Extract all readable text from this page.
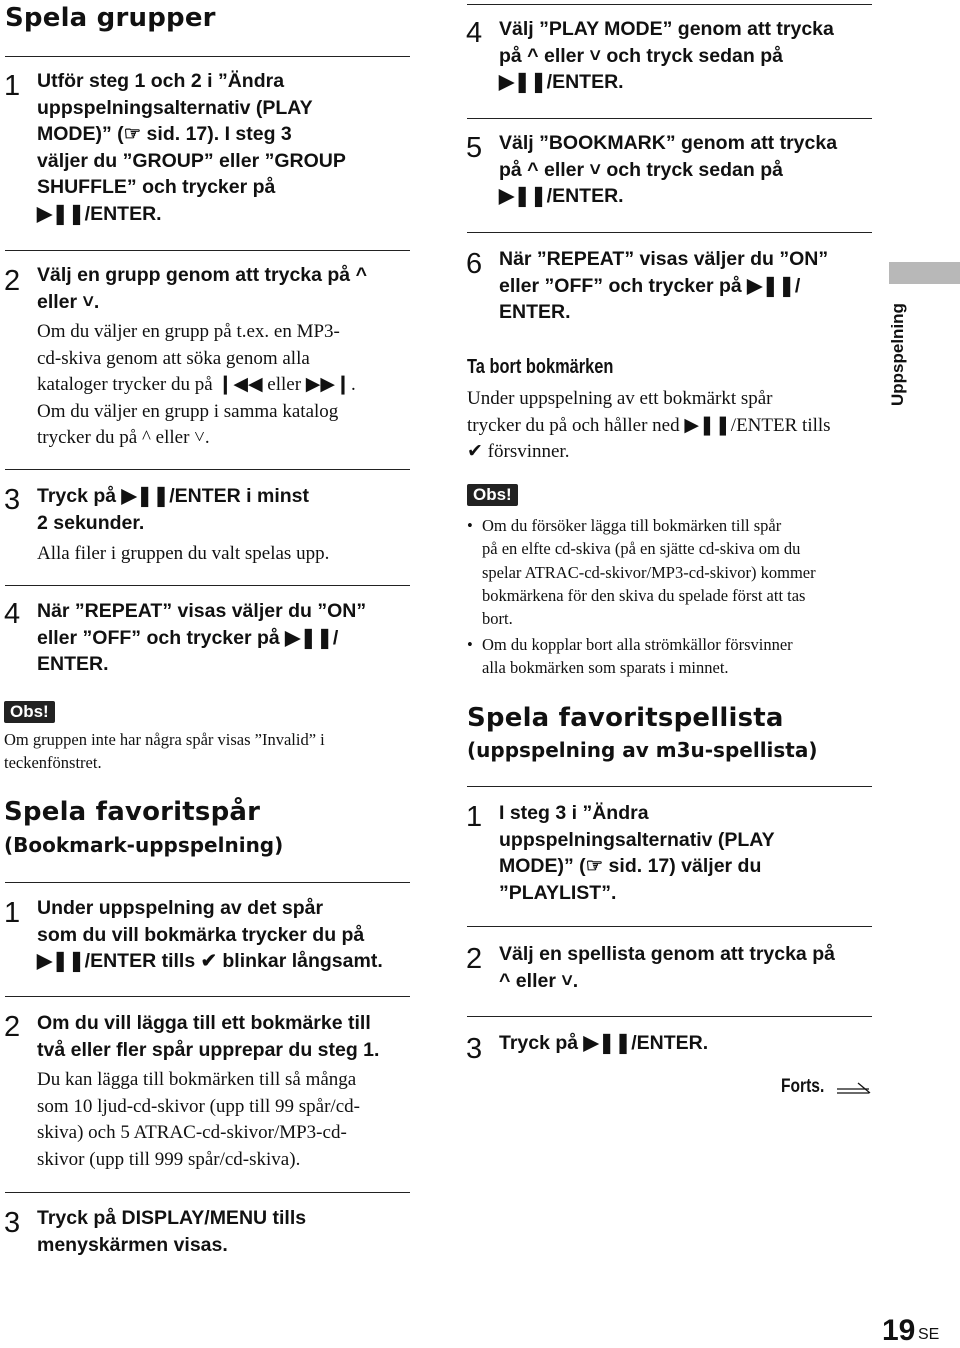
Spela grupper
1 Utför steg 1 och 2 i ”Ändra
uppspelningsalternativ (PLAY
MODE)” (☞ sid. 17). I steg 3
väljer du ”GROUP” eller ”GROUP
SHUFFLE” och trycker på
▶❚❚/ENTER.
2 Välj en grupp genom att trycka på ^
eller ˅.
Om du väljer en grupp på t.ex. en MP3-
cd-skiva genom att söka genom alla
kataloger trycker du på ❙◀◀ eller ▶▶❙.
Om du väljer en grupp i samma katalog
trycker du på ^ eller ˅.
3 Tryck på ▶❚❚/ENTER i minst
2 sekunder.
Alla filer i gruppen du valt spelas upp.
4 När ”REPEAT” visas väljer du ”ON”
eller ”OFF” och trycker på ▶❚❚/
ENTER.
Obs!
Om gruppen inte har några spår visas ”Invalid” i
teckenfönstret.
Spela favoritspår
(Bookmark-uppspelning)
1 Under uppspelning av det spår
som du vill bokmärka trycker du på
▶❚❚/ENTER tills ✔ blinkar långsamt.
2 Om du vill lägga till ett bokmärke till
två eller fler spår upprepar du steg 1.
Du kan lägga till bokmärken till så många
som 10 ljud-cd-skivor (upp till 99 spår/cd-
skiva) och 5 ATRAC-cd-skivor/MP3-cd-
skivor (upp till 999 spår/cd-skiva).
3 Tryck på DISPLAY/MENU tills
menyskärmen visas.
4 Välj ”PLAY MODE” genom att trycka
på ^ eller ˅ och tryck sedan på
▶❚❚/ENTER.
5 Välj ”BOOKMARK” genom att trycka
på ^ eller ˅ och tryck sedan på
▶❚❚/ENTER.
6 När ”REPEAT” visas väljer du ”ON”
eller ”OFF” och trycker på ▶❚❚/
ENTER.
Ta bort bokmärken
Under uppspelning av ett bokmärkt spår
trycker du på och håller ned ▶❚❚/ENTER tills
✔ försvinner.
Obs!
• Om du försöker lägga till bokmärken till spår
på en elfte cd-skiva (på en sjätte cd-skiva om du
spelar ATRAC-cd-skivor/MP3-cd-skivor) kommer
bokmärkena för den skiva du spelade först att tas
bort.
• Om du kopplar bort alla strömkällor försvinner
alla bokmärken som sparats i minnet.
Spela favoritspellista
(uppspelning av m3u-spellista)
1 I steg 3 i ”Ändra
uppspelningsalternativ (PLAY
MODE)” (☞ sid. 17) väljer du
”PLAYLIST”.
2 Välj en spellista genom att trycka på
^ eller ˅.
3 Tryck på ▶❚❚/ENTER.
Forts.
Uppspelning
19 SE
